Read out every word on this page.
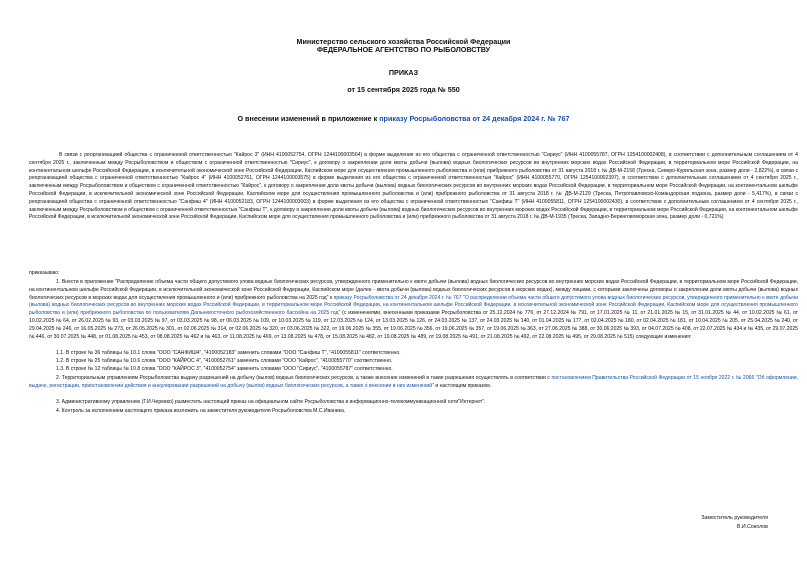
Министерство сельского хозяйства Российской Федерации
ФЕДЕРАЛЬНОЕ АГЕНТСТВО ПО РЫБОЛОВСТВУ
ПРИКАЗ
от 15 сентября 2025 года № 550
О внесении изменений в приложение к приказу Росрыболовства от 24 декабря 2024 г. № 767

В связи с реорганизацией общества с ограниченной ответственностью "Кайрос 3" (ИНН 4100052754, ОГРН 1244100003564) в форме выделения из его общества с ограниченной ответственностью "Сириус" (ИНН 4100055787, ОГРН 1254100002408), в соответствии с дополнительным соглашением от 4 сентября 2025 г., заключенным между Росрыболовством и обществом с ограниченной ответственностью "Сириус", к договору о закреплении доли квоты добычи (вылова) водных биологических ресурсов во внутренних морских водах Российской Федерации, в территориальном море Российской Федерации, на континентальном шельфе Российской Федерации, в исключительной экономической зоне Российской Федерации, Каспийском море для осуществления промышленного рыболовства и (или) прибрежного рыболовства от 31 августа 2018 г. № ДВ-М-2158 (Треска, Северо-Курильская зона, размер доли - 2,822%), в связи с реорганизацией общества с ограниченной ответственностью "Кайрос 4" (ИНН 4100052761, ОГРН 1244100003575) в форме выделения из его общества с ограниченной ответственностью "Кайрос" (ИНН 4100055770, ОГРН 1254100002397), в соответствии с дополнительным соглашением от 4 сентября 2025 г., заключенным между Росрыболовством и обществом с ограниченной ответственностью "Кайрос", к договору о закреплении доли квоты добычи (вылова) водных биологических ресурсов во внутренних морских водах Российской Федерации, в территориальном море Российской Федерации, на континентальном шельфе Российской Федерации, в исключительной экономической зоне Российской Федерации, Каспийском море для осуществления промышленного рыболовства и (или) прибрежного рыболовства от 31 августа 2018 г. № ДВ-М-2129 (Треска, Петропавловско-Командорская подзона, размер доли - 5,417%), в связи с реорганизацией общества с ограниченной ответственностью "Санфиш 4" (ИНН 4100052183, ОГРН 1244100003003) в форме выделения из его общества с ограниченной ответственностью "Санфиш Т" (ИНН 4100055811, ОГРН 1254100002430), в соответствии с дополнительным соглашением от 4 сентября 2025 г., заключенным между Росрыболовством и обществом с ограниченной ответственностью "Санфиш Т", к договору о закреплении доли квоты добычи (вылова) водных биологических ресурсов во внутренних морских водах Российской Федерации, в территориальном море Российской Федерации, на континентальном шельфе Российской Федерации, в исключительной экономической зоне Российской Федерации, Каспийском море для осуществления промышленного рыболовства и (или) прибрежного рыболовства от 31 августа 2018 г. № ДВ-М-1935 (Треска, Западно-Беринговоморская зона, размер доли - 0,721%)

приказываю:

1. Внести в приложение "Распределение объема части общего допустимого улова водных биологических ресурсов, утвержденного применительно к квоте добычи (вылова) водных биологических ресурсов во внутренних морских водах Российской Федерации, в территориальном море Российской Федерации, на континентальном шельфе Российской Федерации, в исключительной экономической зоне Российской Федерации, Каспийском море (далее - квота добычи (вылова) водных биологических ресурсов в морских водах), между лицами, с которыми заключены договоры о закреплении доли квоты добычи (вылова) водных биологических ресурсов в морских водах для осуществления промышленного и (или) прибрежного рыболовства на 2025 год" к приказу Росрыболовства от 24 декабря 2024 г. № 767 "О распределении объема части общего допустимого улова водных биологических ресурсов, утвержденного применительно к квоте добычи (вылова) водных биологических ресурсов во внутренних морских водах Российской Федерации, в территориальном море Российской Федерации, на континентальном шельфе Российской Федерации, в исключительной экономической зоне Российской Федерации, Каспийском море для осуществления промышленного рыболовства и (или) прибрежного рыболовства по пользователям Дальневосточного рыбохозяйственного бассейна на 2025 год" (с изменениями, внесенными приказами Росрыболовства от 25.12.2024 № 776, от 27.12.2024 № 791, от 17.01.2025 № 11, от 21.01.2025 № 15, от 31.01.2025 № 44, от 10.02.2025 № 61, от 10.02.2025 № 64, от 26.02.2025 № 93, от 03.03.2025 № 97, от 03.03.2025 № 98, от 06.03.2025 № 109, от 10.03.2025 № 119, от 12.03.2025 № 124, от 13.03.2025 № 126, от 24.03.2025 № 137, от 24.03.2025 № 140, от 01.04.2025 № 177, от 02.04.2025 № 180, от 02.04.2025 № 181, от 10.04.2025 № 205, от 25.04.2025 № 240, от 29.04.2025 № 246, от 16.05.2025 № 273, от 26.05.2025 № 301, от 02.06.2025 № 314, от 02.06.2025 № 320, от 03.06.2025 № 322, от 19.06.2025 № 355, от 19.06.2025 № 356, от 19.06.2025 № 357, от 19.06.2025 № 363, от 27.06.2025 № 388, от 30.06.2025 № 393, от 04.07.2025 № 408, от 22.07.2025 № 434 и № 435, от 29.07.2025 № 446, от 30.07.2025 № 448, от 01.08.2025 № 453, от 08.08.2025 № 462 и № 463, от 11.08.2025 № 469, от 13.08.2025 № 478, от 15.08.2025 № 482, от 19.08.2025 № 489, от 19.08.2025 № 491, от 21.08.2025 № 492, от 22.08.2025 № 495, от 29.08.2025 № 515) следующие изменения:

1.1. В строке № 36 таблицы № 10.1 слова "ООО "САНФИШ4", "4100052183" заменить словами "ООО "Санфиш Т", "4100055811" соответственно.

1.2. В строке № 25 таблицы № 10.6 слова "ООО "КАЙРОС 4", "4100052761" заменить словами "ООО "Кайрос", "4100055770" соответственно.

1.3. В строке № 12 таблицы № 10.8 слова "ООО "КАЙРОС 3", "4100052754" заменить словами "ООО "Сириус", "4100055787" соответственно.

2. Территориальным управлениям Росрыболовства выдачу разрешений на добычу (вылов) водных биологических ресурсов, а также внесение изменений в такие разрешения осуществлять в соответствии с постановлением Правительства Российской Федерации от 15 ноября 2022 г. № 2066 "Об оформлении, выдаче, регистрации, приостановлении действия и аннулировании разрешений на добычу (вылов) водных биологических ресурсов, а также о внесении в них изменений" и настоящим приказом.

3. Административному управлению (Г.И.Черевко) разместить настоящий приказ на официальном сайте Росрыболовства в информационно-телекоммуникационной сети"Интернет".

4. Контроль за исполнением настоящего приказа возложить на заместителя руководителя Росрыболовства М.С.Иваника.

Заместитель руководителя
В.И.Соколов
